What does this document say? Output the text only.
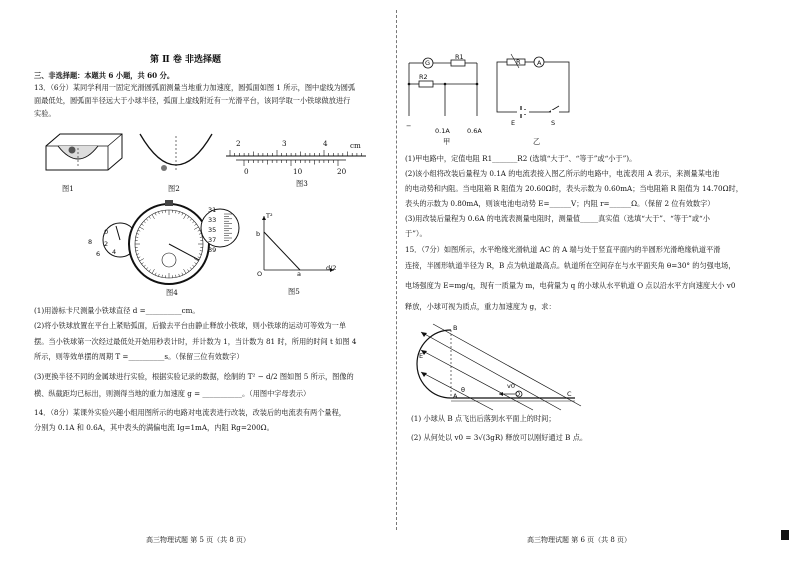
第 Ⅱ 卷 非选择题
三、非选择题：本题共 6 小题，共 60 分。
13．（6分）某同学利用一固定光滑圆弧面测量当地重力加速度，圆弧面如图 1 所示，图中虚线为圆弧
面最低处，圆弧面半径远大于小球半径，弧面上虚线附近有一光滑平台，该同学取一小铁球做放进行
实验。
图1	图2
2	3	4	cm
0	10	20
图3
0
31
2
33
4
35
6
37
8
39
图4
T²
b
O	a
d/2
图5
(1)用游标卡尺测量小铁球直径 d =__________cm。
(2)将小铁球放置在平台上紧贴弧面，后撤去平台由静止释放小铁球，则小铁球的运动可等效为一单
摆。当小铁球第一次经过最低处开始用秒表计时，并计数为 1，当计数为 81 时，所用的时间 t 如图 4
所示，则等效单摆的周期 T =__________s。（保留三位有效数字）
(3)更换半径不同的金属球进行实验，根据实验记录的数据，绘制的 T² − d/2 图如图 5 所示，图像的
横、纵截距均已标出，则测得当地的重力加速度 g = ___________。（用图中字母表示）
14．（8分）某课外实验兴趣小组用图所示的电路对电流表进行改装，改装后的电流表有两个量程，
分别为 0.1A 和 0.6A，其中表头的满偏电流 Ig=1mA，内阻 Rg=200Ω。
高三物理试题 第 5 页（共 8 页）
G
R1
R2
−
0.1A	0.6A
甲
R	A
E	S
乙
(1)甲电路中，定值电阻 R1_______R2 (选填“大于”、“等于”或“小于”)。
(2)该小组将改装后量程为 0.1A 的电流表接入图乙所示的电路中，电流表用 A 表示，来测量某电池
的电动势和内阻。当电阻箱 R 阻值为 20.60Ω时，表头示数为 0.60mA；当电阻箱 R 阻值为 14.70Ω时，
表头的示数为 0.80mA，则该电池电动势 E=______V；内阻 r=______Ω。（保留 2 位有效数字）
(3)用改装后量程为 0.6A 的电流表测量电阻时，测量值_____真实值（选填“大于”、“等于”或“小
于”）。
15．（7分）如图所示，水平绝缘光滑轨道 AC 的 A 端与处于竖直平面内的半圆形光滑绝缘轨道平滑
连接，半圆形轨道半径为 R，B 点为轨道最高点。轨道所在空间存在与水平面夹角 θ=30° 的匀强电场，
电场强度为 E=mg/q，现有一质量为 m，电荷量为 q 的小球从水平轨道 O 点以沿水平方向速度大小 v0
释放，小球可视为质点，重力加速度为 g，求：
B
E
v0
O
A	C
θ
(1) 小球从 B 点飞出后落到水平面上的时间；
(2) 从何处以 v0 = 3√(3gR) 释放可以刚好通过 B 点。
高三物理试题 第 6 页（共 8 页）
